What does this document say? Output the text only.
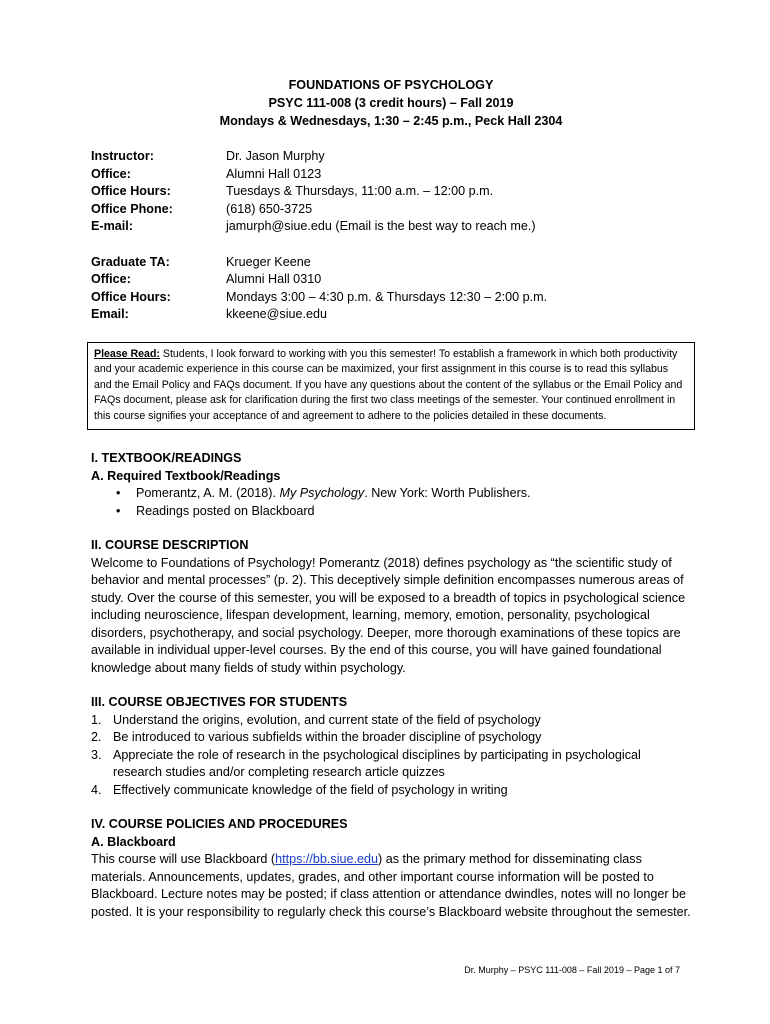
FOUNDATIONS OF PSYCHOLOGY
PSYC 111-008 (3 credit hours) – Fall 2019
Mondays & Wednesdays, 1:30 – 2:45 p.m., Peck Hall 2304
Instructor:	Dr. Jason Murphy
Office:	Alumni Hall 0123
Office Hours:	Tuesdays & Thursdays, 11:00 a.m. – 12:00 p.m.
Office Phone:	(618) 650-3725
E-mail:	jamurph@siue.edu (Email is the best way to reach me.)
Graduate TA:	Krueger Keene
Office:	Alumni Hall 0310
Office Hours:	Mondays 3:00 – 4:30 p.m. & Thursdays 12:30 – 2:00 p.m.
Email:	kkeene@siue.edu
Please Read: Students, I look forward to working with you this semester! To establish a framework in which both productivity and your academic experience in this course can be maximized, your first assignment in this course is to read this syllabus and the Email Policy and FAQs document. If you have any questions about the content of the syllabus or the Email Policy and FAQs document, please ask for clarification during the first two class meetings of the semester. Your continued enrollment in this course signifies your acceptance of and agreement to adhere to the policies detailed in these documents.
I. TEXTBOOK/READINGS
A. Required Textbook/Readings
• Pomerantz, A. M. (2018). My Psychology. New York: Worth Publishers.
• Readings posted on Blackboard
II. COURSE DESCRIPTION

Welcome to Foundations of Psychology! Pomerantz (2018) defines psychology as “the scientific study of behavior and mental processes” (p. 2). This deceptively simple definition encompasses numerous areas of study. Over the course of this semester, you will be exposed to a breadth of topics in psychological science including neuroscience, lifespan development, learning, memory, emotion, personality, psychological disorders, psychotherapy, and social psychology. Deeper, more thorough examinations of these topics are available in individual upper-level courses. By the end of this course, you will have gained foundational knowledge about many fields of study within psychology.

III. COURSE OBJECTIVES FOR STUDENTS
1. Understand the origins, evolution, and current state of the field of psychology
2. Be introduced to various subfields within the broader discipline of psychology
3. Appreciate the role of research in the psychological disciplines by participating in psychological research studies and/or completing research article quizzes
4. Effectively communicate knowledge of the field of psychology in writing
IV. COURSE POLICIES AND PROCEDURES
A. Blackboard

This course will use Blackboard (https://bb.siue.edu) as the primary method for disseminating class materials. Announcements, updates, grades, and other important course information will be posted to Blackboard. Lecture notes may be posted; if class attention or attendance dwindles, notes will no longer be posted. It is your responsibility to regularly check this course’s Blackboard website throughout the semester.

Dr. Murphy – PSYC 111-008 – Fall 2019 – Page 1 of 7
